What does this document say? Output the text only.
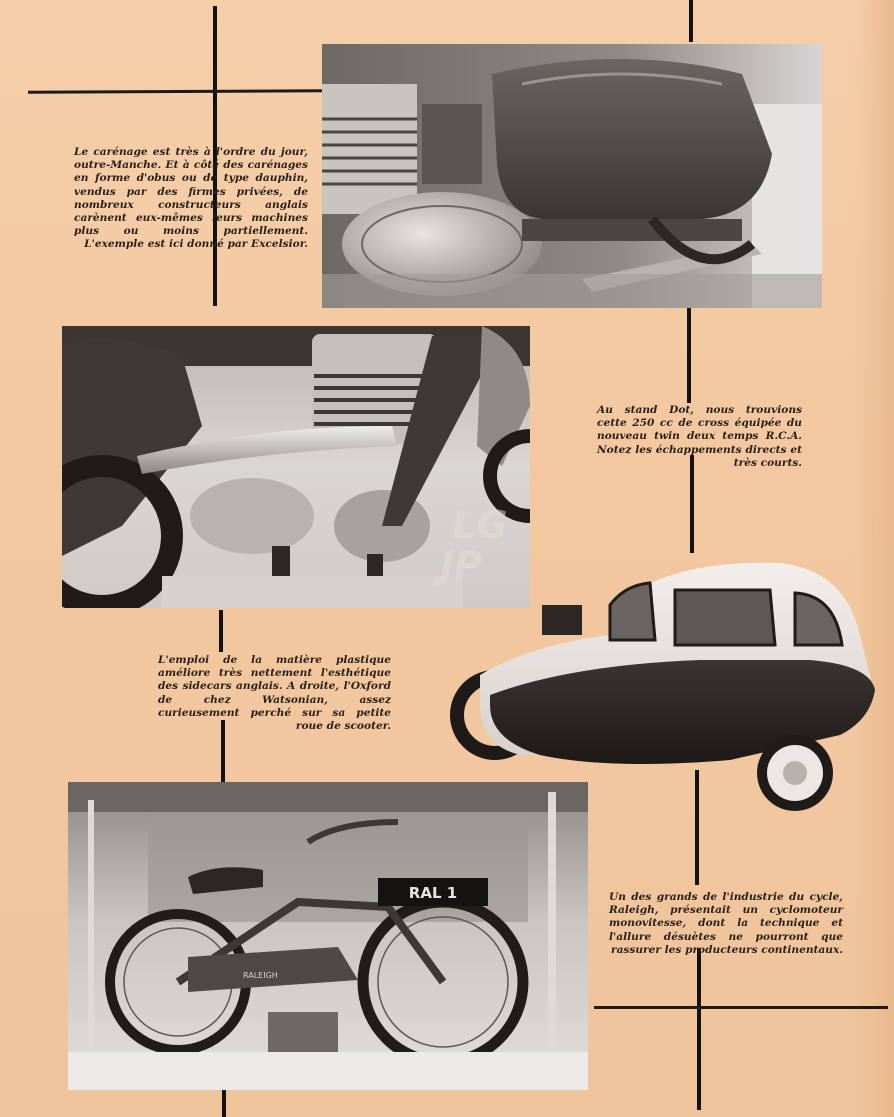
RAL 1
RALEIGH
LG
JP
Le carénage est très à l'ordre du jour, outre-Manche. Et à côté des carénages en forme d'obus ou de type dauphin, vendus par des firmes privées, de nombreux constructeurs anglais carènent eux-mêmes leurs machines plus ou moins partiellement. L'exemple est ici donné par Excelsior.
Au stand Dot, nous trouvions cette 250 cc de cross équipée du nouveau twin deux temps R.C.A. Notez les échappements directs et très courts.
L'emploi de la matière plastique améliore très nettement l'esthétique des sidecars anglais. A droite, l'Oxford de chez Watsonian, assez curieusement perché sur sa petite roue de scooter.
Un des grands de l'industrie du cycle, Raleigh, présentait un cyclomoteur monovitesse, dont la technique et l'allure désuètes ne pourront que rassurer les producteurs continentaux.
